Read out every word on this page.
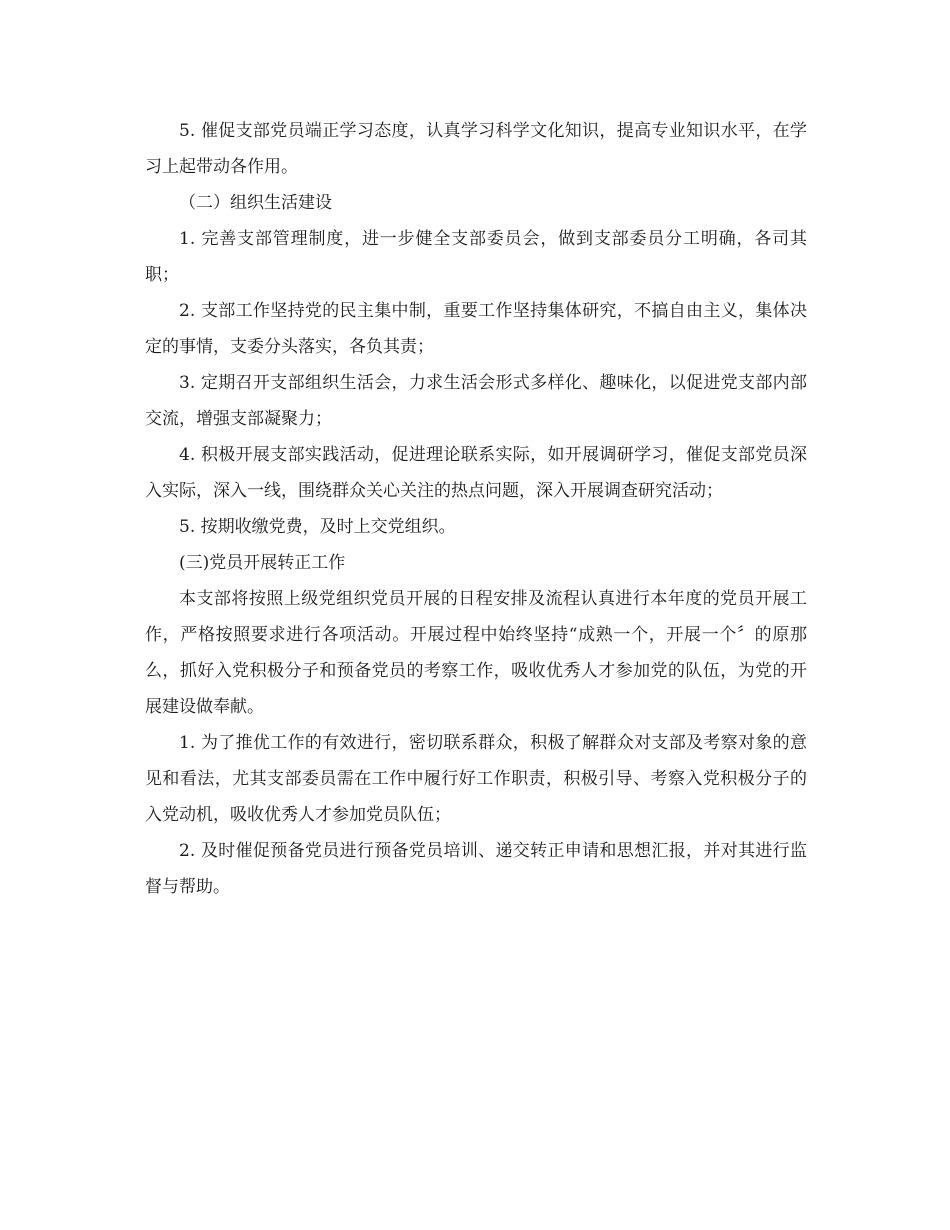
5. 催促支部党员端正学习态度，认真学习科学文化知识，提高专业知识水平，在学习上起带动各作用。

（二）组织生活建设

1. 完善支部管理制度，进一步健全支部委员会，做到支部委员分工明确，各司其职；

2. 支部工作坚持党的民主集中制，重要工作坚持集体研究，不搞自由主义，集体决定的事情，支委分头落实，各负其责；

3. 定期召开支部组织生活会，力求生活会形式多样化、趣味化，以促进党支部内部交流，增强支部凝聚力；

4. 积极开展支部实践活动，促进理论联系实际，如开展调研学习，催促支部党员深入实际，深入一线，围绕群众关心关注的热点问题，深入开展调查研究活动；

5. 按期收缴党费，及时上交党组织。

(三)党员开展转正工作

本支部将按照上级党组织党员开展的日程安排及流程认真进行本年度的党员开展工作，严格按照要求进行各项活动。开展过程中始终坚持“成熟一个，开展一个〞的原那么，抓好入党积极分子和预备党员的考察工作，吸收优秀人才参加党的队伍，为党的开展建设做奉献。

1. 为了推优工作的有效进行，密切联系群众，积极了解群众对支部及考察对象的意见和看法，尤其支部委员需在工作中履行好工作职责，积极引导、考察入党积极分子的入党动机，吸收优秀人才参加党员队伍；

2. 及时催促预备党员进行预备党员培训、递交转正申请和思想汇报，并对其进行监督与帮助。
